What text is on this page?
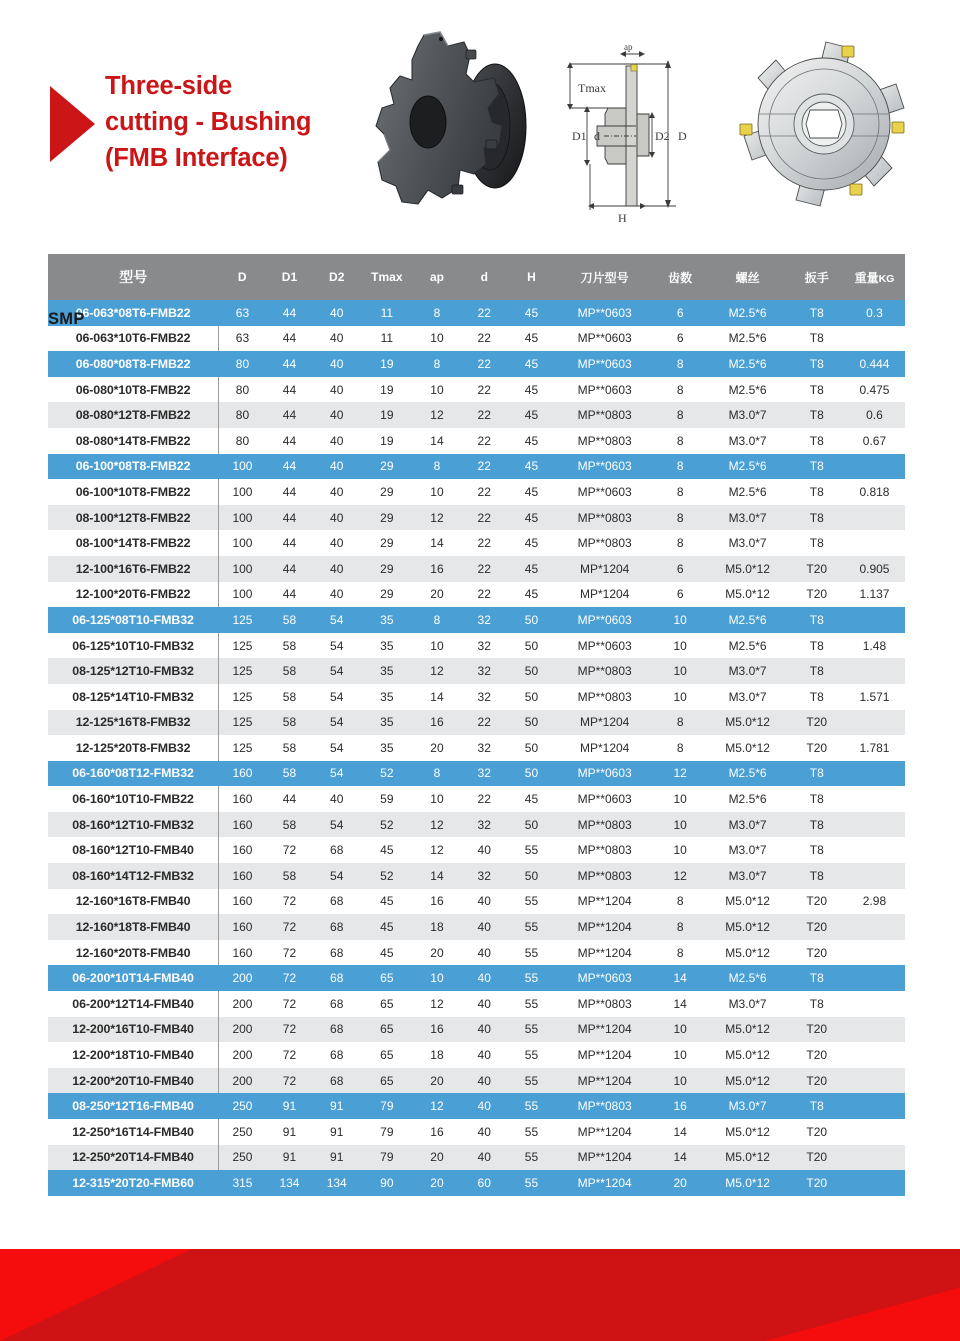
Three-side
cutting - Bushing
(FMB Interface)
Tmax
D1 d	D2 D
H
ap
SMP
型号	D	D1	D2	Tmax	ap	d	H	刀片型号	齿数	螺丝	扳手	重量KG
06-063*08T6-FMB22	63	44	40	11	8	22	45	MP**0603	6	M2.5*6	T8	0.3
06-063*10T6-FMB22	63	44	40	11	10	22	45	MP**0603	6	M2.5*6	T8	
06-080*08T8-FMB22	80	44	40	19	8	22	45	MP**0603	8	M2.5*6	T8	0.444
06-080*10T8-FMB22	80	44	40	19	10	22	45	MP**0603	8	M2.5*6	T8	0.475
08-080*12T8-FMB22	80	44	40	19	12	22	45	MP**0803	8	M3.0*7	T8	0.6
08-080*14T8-FMB22	80	44	40	19	14	22	45	MP**0803	8	M3.0*7	T8	0.67
06-100*08T8-FMB22	100	44	40	29	8	22	45	MP**0603	8	M2.5*6	T8	
06-100*10T8-FMB22	100	44	40	29	10	22	45	MP**0603	8	M2.5*6	T8	0.818
08-100*12T8-FMB22	100	44	40	29	12	22	45	MP**0803	8	M3.0*7	T8	
08-100*14T8-FMB22	100	44	40	29	14	22	45	MP**0803	8	M3.0*7	T8	
12-100*16T6-FMB22	100	44	40	29	16	22	45	MP*1204	6	M5.0*12	T20	0.905
12-100*20T6-FMB22	100	44	40	29	20	22	45	MP*1204	6	M5.0*12	T20	1.137
06-125*08T10-FMB32	125	58	54	35	8	32	50	MP**0603	10	M2.5*6	T8	
06-125*10T10-FMB32	125	58	54	35	10	32	50	MP**0603	10	M2.5*6	T8	1.48
08-125*12T10-FMB32	125	58	54	35	12	32	50	MP**0803	10	M3.0*7	T8	
08-125*14T10-FMB32	125	58	54	35	14	32	50	MP**0803	10	M3.0*7	T8	1.571
12-125*16T8-FMB32	125	58	54	35	16	22	50	MP*1204	8	M5.0*12	T20	
12-125*20T8-FMB32	125	58	54	35	20	32	50	MP*1204	8	M5.0*12	T20	1.781
06-160*08T12-FMB32	160	58	54	52	8	32	50	MP**0603	12	M2.5*6	T8	
06-160*10T10-FMB22	160	44	40	59	10	22	45	MP**0603	10	M2.5*6	T8	
08-160*12T10-FMB32	160	58	54	52	12	32	50	MP**0803	10	M3.0*7	T8	
08-160*12T10-FMB40	160	72	68	45	12	40	55	MP**0803	10	M3.0*7	T8	
08-160*14T12-FMB32	160	58	54	52	14	32	50	MP**0803	12	M3.0*7	T8	
12-160*16T8-FMB40	160	72	68	45	16	40	55	MP**1204	8	M5.0*12	T20	2.98
12-160*18T8-FMB40	160	72	68	45	18	40	55	MP**1204	8	M5.0*12	T20	
12-160*20T8-FMB40	160	72	68	45	20	40	55	MP**1204	8	M5.0*12	T20	
06-200*10T14-FMB40	200	72	68	65	10	40	55	MP**0603	14	M2.5*6	T8	
06-200*12T14-FMB40	200	72	68	65	12	40	55	MP**0803	14	M3.0*7	T8	
12-200*16T10-FMB40	200	72	68	65	16	40	55	MP**1204	10	M5.0*12	T20	
12-200*18T10-FMB40	200	72	68	65	18	40	55	MP**1204	10	M5.0*12	T20	
12-200*20T10-FMB40	200	72	68	65	20	40	55	MP**1204	10	M5.0*12	T20	
08-250*12T16-FMB40	250	91	91	79	12	40	55	MP**0803	16	M3.0*7	T8	
12-250*16T14-FMB40	250	91	91	79	16	40	55	MP**1204	14	M5.0*12	T20	
12-250*20T14-FMB40	250	91	91	79	20	40	55	MP**1204	14	M5.0*12	T20	
12-315*20T20-FMB60	315	134	134	90	20	60	55	MP**1204	20	M5.0*12	T20	
